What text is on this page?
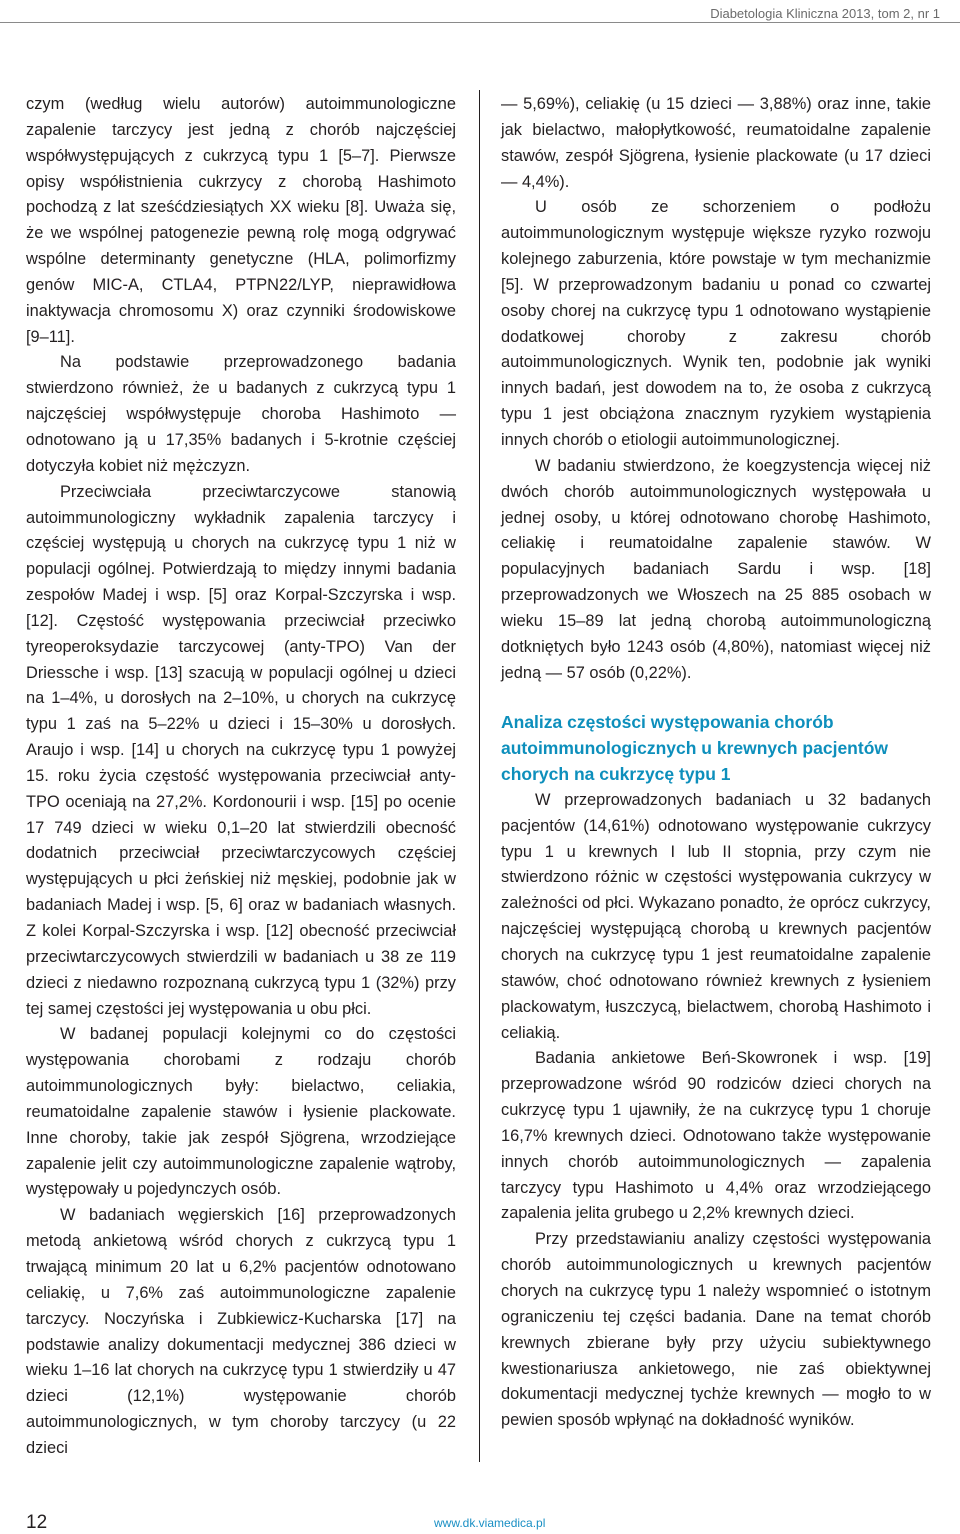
Diabetologia Kliniczna 2013, tom 2, nr 1

czym (według wielu autorów) autoimmunologiczne zapalenie tarczycy jest jedną z chorób najczęściej współwystępujących z cukrzycą typu 1 [5–7]. Pierwsze opisy współistnienia cukrzycy z chorobą Hashimoto pochodzą z lat sześćdziesiątych XX wieku [8]. Uważa się, że we wspólnej patogenezie pewną rolę mogą odgrywać wspólne determinanty genetyczne (HLA, polimorfizmy genów MIC-A, CTLA4, PTPN22/LYP, nieprawidłowa inaktywacja chromosomu X) oraz czynniki środowiskowe [9–11].

Na podstawie przeprowadzonego badania stwierdzono również, że u badanych z cukrzycą typu 1 najczęściej współwystępuje choroba Hashimoto — odnotowano ją u 17,35% badanych i 5-krotnie częściej dotyczyła kobiet niż mężczyzn.

Przeciwciała przeciwtarczycowe stanowią autoimmunologiczny wykładnik zapalenia tarczycy i częściej występują u chorych na cukrzycę typu 1 niż w populacji ogólnej. Potwierdzają to między innymi badania zespołów Madej i wsp. [5] oraz Korpal-Szczyrska i wsp. [12]. Częstość występowania przeciwciał przeciwko tyreoperoksydazie tarczycowej (anty-TPO) Van der Driessche i wsp. [13] szacują w populacji ogólnej u dzieci na 1–4%, u dorosłych na 2–10%, u chorych na cukrzycę typu 1 zaś na 5–22% u dzieci i 15–30% u dorosłych. Araujo i wsp. [14] u chorych na cukrzycę typu 1 powyżej 15. roku życia częstość występowania przeciwciał anty-TPO oceniają na 27,2%. Kordonourii i wsp. [15] po ocenie 17 749 dzieci w wieku 0,1–20 lat stwierdzili obecność dodatnich przeciwciał przeciwtarczycowych częściej występujących u płci żeńskiej niż męskiej, podobnie jak w badaniach Madej i wsp. [5, 6] oraz w badaniach własnych. Z kolei Korpal-Szczyrska i wsp. [12] obecność przeciwciał przeciwtarczycowych stwierdzili w badaniach u 38 ze 119 dzieci z niedawno rozpoznaną cukrzycą typu 1 (32%) przy tej samej częstości jej występowania u obu płci.

W badanej populacji kolejnymi co do częstości występowania chorobami z rodzaju chorób autoimmunologicznych były: bielactwo, celiakia, reumatoidalne zapalenie stawów i łysienie plackowate. Inne choroby, takie jak zespół Sjögrena, wrzodziejące zapalenie jelit czy autoimmunologiczne zapalenie wątroby, występowały u pojedynczych osób.

W badaniach węgierskich [16] przeprowadzonych metodą ankietową wśród chorych z cukrzycą typu 1 trwającą minimum 20 lat u 6,2% pacjentów odnotowano celiakię, u 7,6% zaś autoimmunologiczne zapalenie tarczycy. Noczyńska i Zubkiewicz-Kucharska [17] na podstawie analizy dokumentacji medycznej 386 dzieci w wieku 1–16 lat chorych na cukrzycę typu 1 stwierdziły u 47 dzieci (12,1%) występowanie chorób autoimmunologicznych, w tym choroby tarczycy (u 22 dzieci

— 5,69%), celiakię (u 15 dzieci — 3,88%) oraz inne, takie jak bielactwo, małopłytkowość, reumatoidalne zapalenie stawów, zespół Sjögrena, łysienie plackowate (u 17 dzieci — 4,4%).

U osób ze schorzeniem o podłożu autoimmunologicznym występuje większe ryzyko rozwoju kolejnego zaburzenia, które powstaje w tym mechanizmie [5]. W przeprowadzonym badaniu u ponad co czwartej osoby chorej na cukrzycę typu 1 odnotowano wystąpienie dodatkowej choroby z zakresu chorób autoimmunologicznych. Wynik ten, podobnie jak wyniki innych badań, jest dowodem na to, że osoba z cukrzycą typu 1 jest obciążona znacznym ryzykiem wystąpienia innych chorób o etiologii autoimmunologicznej.

W badaniu stwierdzono, że koegzystencja więcej niż dwóch chorób autoimmunologicznych występowała u jednej osoby, u której odnotowano chorobę Hashimoto, celiakię i reumatoidalne zapalenie stawów. W populacyjnych badaniach Sardu i wsp. [18] przeprowadzonych we Włoszech na 25 885 osobach w wieku 15–89 lat jedną chorobą autoimmunologiczną dotkniętych było 1243 osób (4,80%), natomiast więcej niż jedną — 57 osób (0,22%).

Analiza częstości występowania chorób autoimmunologicznych u krewnych pacjentów chorych na cukrzycę typu 1

W przeprowadzonych badaniach u 32 badanych pacjentów (14,61%) odnotowano występowanie cukrzycy typu 1 u krewnych I lub II stopnia, przy czym nie stwierdzono różnic w częstości występowania cukrzycy w zależności od płci. Wykazano ponadto, że oprócz cukrzycy, najczęściej występującą chorobą u krewnych pacjentów chorych na cukrzycę typu 1 jest reumatoidalne zapalenie stawów, choć odnotowano również krewnych z łysieniem plackowatym, łuszczycą, bielactwem, chorobą Hashimoto i celiakią.

Badania ankietowe Beń-Skowronek i wsp. [19] przeprowadzone wśród 90 rodziców dzieci chorych na cukrzycę typu 1 ujawniły, że na cukrzycę typu 1 choruje 16,7% krewnych dzieci. Odnotowano także występowanie innych chorób autoimmunologicznych — zapalenia tarczycy typu Hashimoto u 4,4% oraz wrzodziejącego zapalenia jelita grubego u 2,2% krewnych dzieci.

Przy przedstawianiu analizy częstości występowania chorób autoimmunologicznych u krewnych pacjentów chorych na cukrzycę typu 1 należy wspomnieć o istotnym ograniczeniu tej części badania. Dane na temat chorób krewnych zbierane były przy użyciu subiektywnego kwestionariusza ankietowego, nie zaś obiektywnej dokumentacji medycznej tychże krewnych — mogło to w pewien sposób wpłynąć na dokładność wyników.

12	www.dk.viamedica.pl
